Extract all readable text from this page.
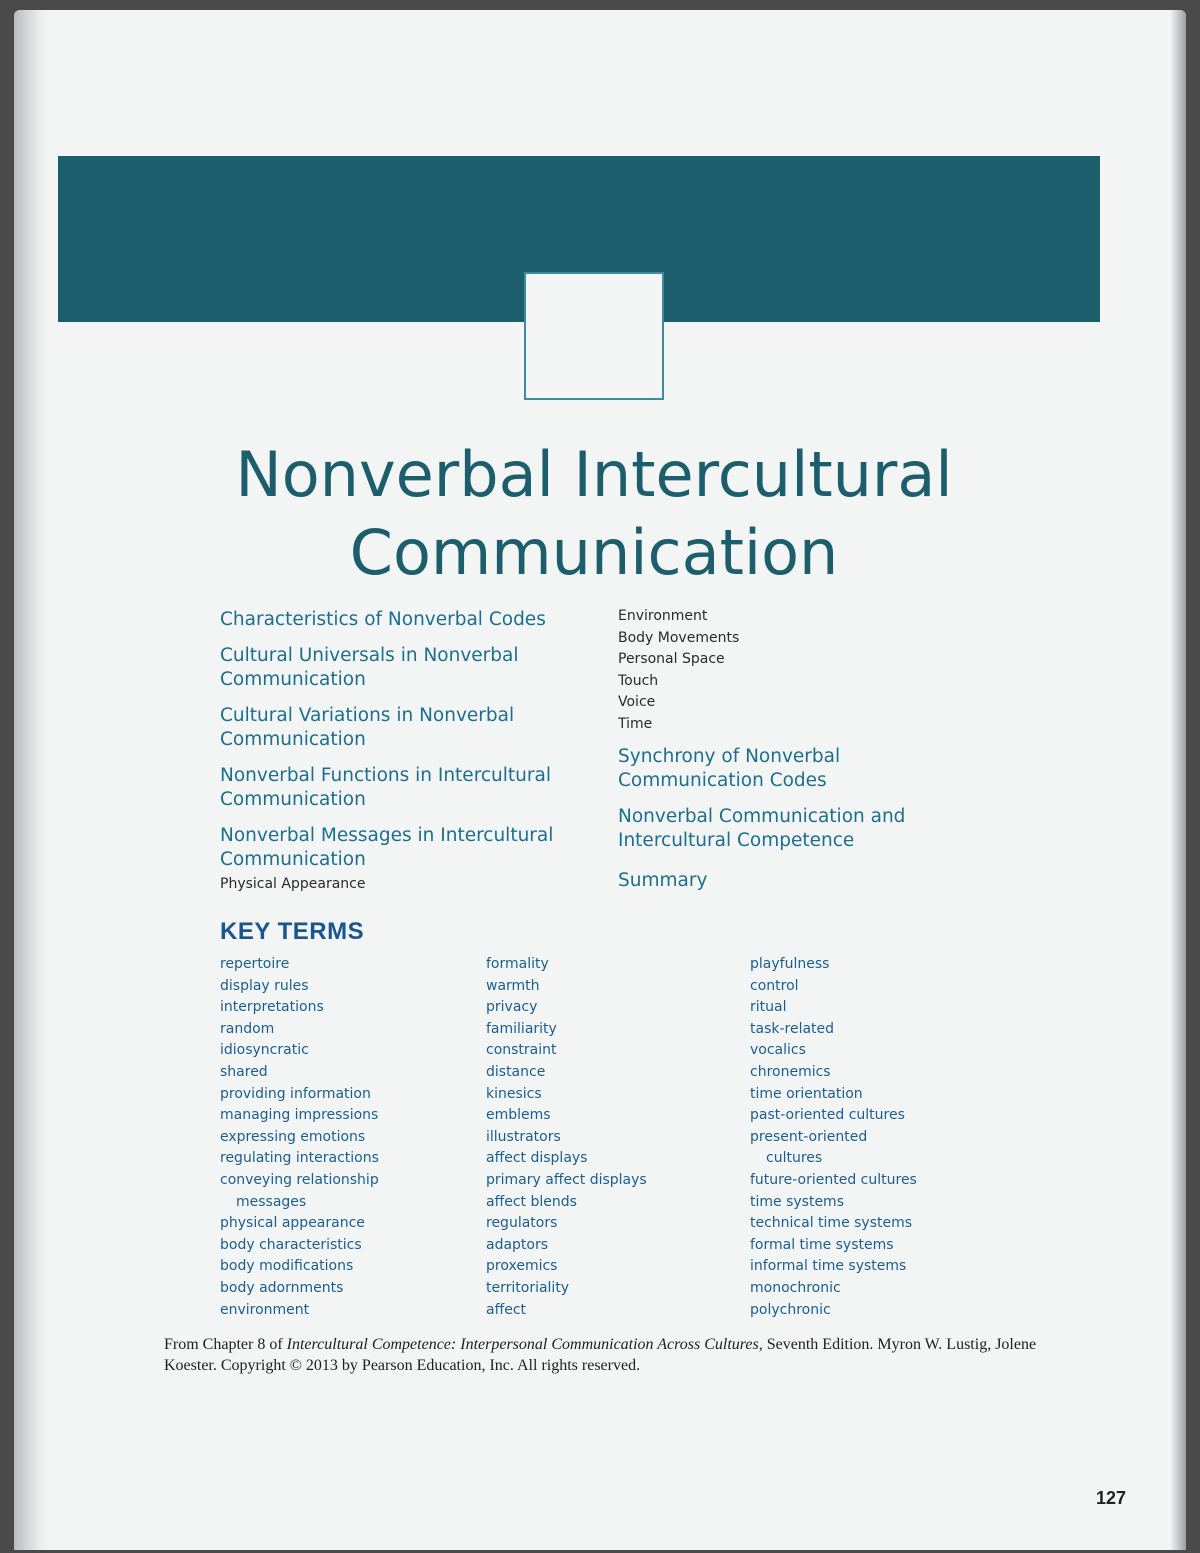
Nonverbal Intercultural
Communication
Characteristics of Nonverbal Codes
Cultural Universals in Nonverbal
Communication
Cultural Variations in Nonverbal
Communication
Nonverbal Functions in Intercultural
Communication
Nonverbal Messages in Intercultural
Communication
Physical Appearance
Environment
Body Movements
Personal Space
Touch
Voice
Time
Synchrony of Nonverbal
Communication Codes
Nonverbal Communication and
Intercultural Competence
Summary
KEY TERMS
repertoire
display rules
interpretations
random
idiosyncratic
shared
providing information
managing impressions
expressing emotions
regulating interactions
conveying relationship
messages
physical appearance
body characteristics
body modifications
body adornments
environment
formality
warmth
privacy
familiarity
constraint
distance
kinesics
emblems
illustrators
affect displays
primary affect displays
affect blends
regulators
adaptors
proxemics
territoriality
affect
playfulness
control
ritual
task-related
vocalics
chronemics
time orientation
past-oriented cultures
present-oriented
cultures
future-oriented cultures
time systems
technical time systems
formal time systems
informal time systems
monochronic
polychronic
From Chapter 8 of Intercultural Competence: Interpersonal Communication Across Cultures, Seventh Edition. Myron W. Lustig, Jolene Koester. Copyright © 2013 by Pearson Education, Inc. All rights reserved.
127
